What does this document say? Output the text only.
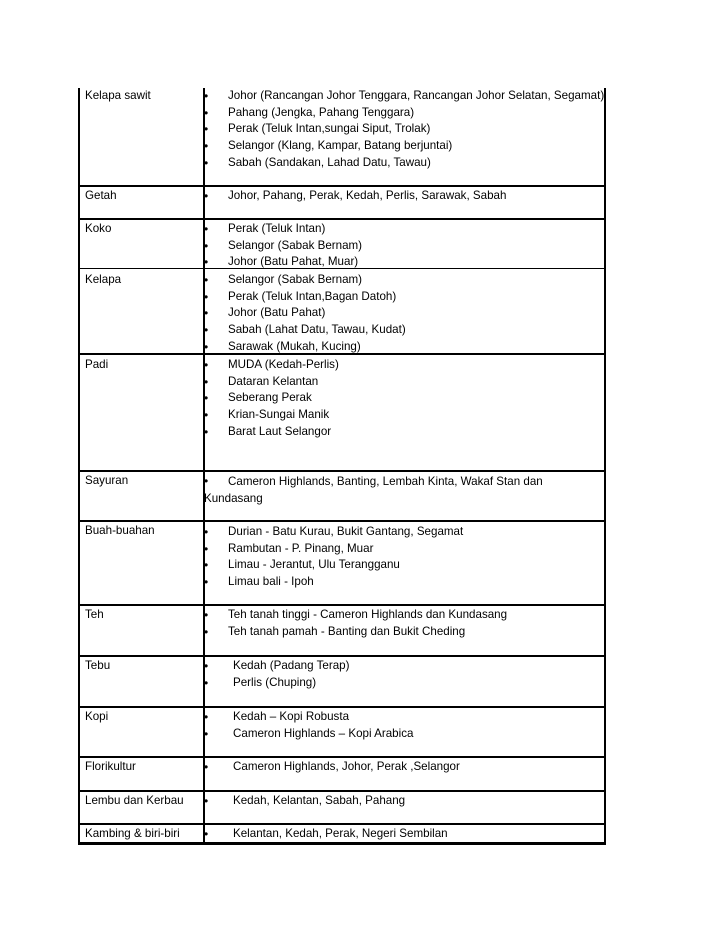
Kelapa sawit	• Johor (Rancangan Johor Tenggara, Rancangan Johor Selatan, Segamat)
• Pahang (Jengka, Pahang Tenggara)
• Perak (Teluk Intan,sungai Siput, Trolak)
• Selangor (Klang, Kampar, Batang berjuntai)
• Sabah (Sandakan, Lahad Datu, Tawau)
Getah	• Johor, Pahang, Perak, Kedah, Perlis, Sarawak, Sabah
Koko	• Perak (Teluk Intan)
• Selangor (Sabak Bernam)
• Johor (Batu Pahat, Muar)
Kelapa	• Selangor (Sabak Bernam)
• Perak (Teluk Intan,Bagan Datoh)
• Johor (Batu Pahat)
• Sabah (Lahat Datu, Tawau, Kudat)
• Sarawak (Mukah, Kucing)
Padi	• MUDA (Kedah-Perlis)
• Dataran Kelantan
• Seberang Perak
• Krian-Sungai Manik
• Barat Laut Selangor
Sayuran	• Cameron Highlands, Banting, Lembah Kinta, Wakaf Stan dan
Kundasang
Buah-buahan	• Durian - Batu Kurau, Bukit Gantang, Segamat
• Rambutan - P. Pinang, Muar
• Limau - Jerantut, Ulu Terangganu
• Limau bali - Ipoh
Teh	• Teh tanah tinggi - Cameron Highlands dan Kundasang
• Teh tanah pamah - Banting dan Bukit Cheding
Tebu	• Kedah (Padang Terap)
• Perlis (Chuping)
Kopi	• Kedah – Kopi Robusta
• Cameron Highlands – Kopi Arabica
Florikultur	• Cameron Highlands, Johor, Perak ,Selangor
Lembu dan Kerbau	• Kedah, Kelantan, Sabah, Pahang
Kambing & biri-biri	• Kelantan, Kedah, Perak, Negeri Sembilan
